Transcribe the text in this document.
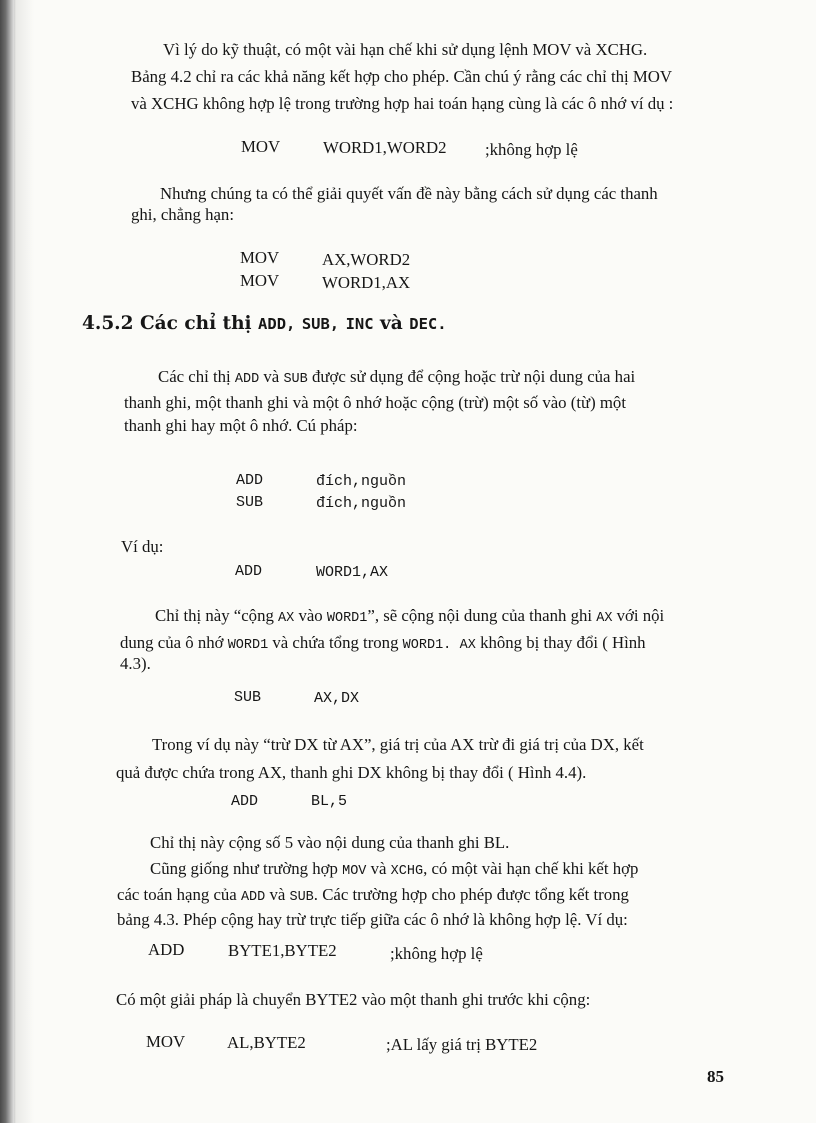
Vì lý do kỹ thuật, có một vài hạn chế khi sử dụng lệnh MOV và XCHG.
Bảng 4.2 chỉ ra các khả năng kết hợp cho phép. Cần chú ý rằng các chỉ thị MOV
và XCHG không hợp lệ trong trường hợp hai toán hạng cùng là các ô nhớ ví dụ :
MOV	WORD1,WORD2 ;không hợp lệ
Nhưng chúng ta có thể giải quyết vấn đề này bằng cách sử dụng các thanh
ghi, chẳng hạn:
MOV	AX,WORD2
MOV	WORD1,AX
4.5.2 Các chỉ thị ADD, SUB, INC và DEC.
Các chỉ thị ADD và SUB được sử dụng để cộng hoặc trừ nội dung của hai
thanh ghi, một thanh ghi và một ô nhớ hoặc cộng (trừ) một số vào (từ) một
thanh ghi hay một ô nhớ. Cú pháp:
ADD	đích,nguồn
SUB	đích,nguồn
Ví dụ:
ADD	WORD1,AX
Chỉ thị này “cộng AX vào WORD1”, sẽ cộng nội dung của thanh ghi AX với nội
dung của ô nhớ WORD1 và chứa tổng trong WORD1. AX không bị thay đổi ( Hình
4.3).
SUB	AX,DX
Trong ví dụ này “trừ DX từ AX”, giá trị của AX trừ đi giá trị của DX, kết
quả được chứa trong AX, thanh ghi DX không bị thay đổi ( Hình 4.4).
ADD	BL,5
Chỉ thị này cộng số 5 vào nội dung của thanh ghi BL.
Cũng giống như trường hợp MOV và XCHG, có một vài hạn chế khi kết hợp
các toán hạng của ADD và SUB. Các trường hợp cho phép được tổng kết trong
bảng 4.3. Phép cộng hay trừ trực tiếp giữa các ô nhớ là không hợp lệ. Ví dụ:
ADD	BYTE1,BYTE2	;không hợp lệ
Có một giải pháp là chuyển BYTE2 vào một thanh ghi trước khi cộng:
MOV AL,BYTE2	;AL lấy giá trị BYTE2
85
